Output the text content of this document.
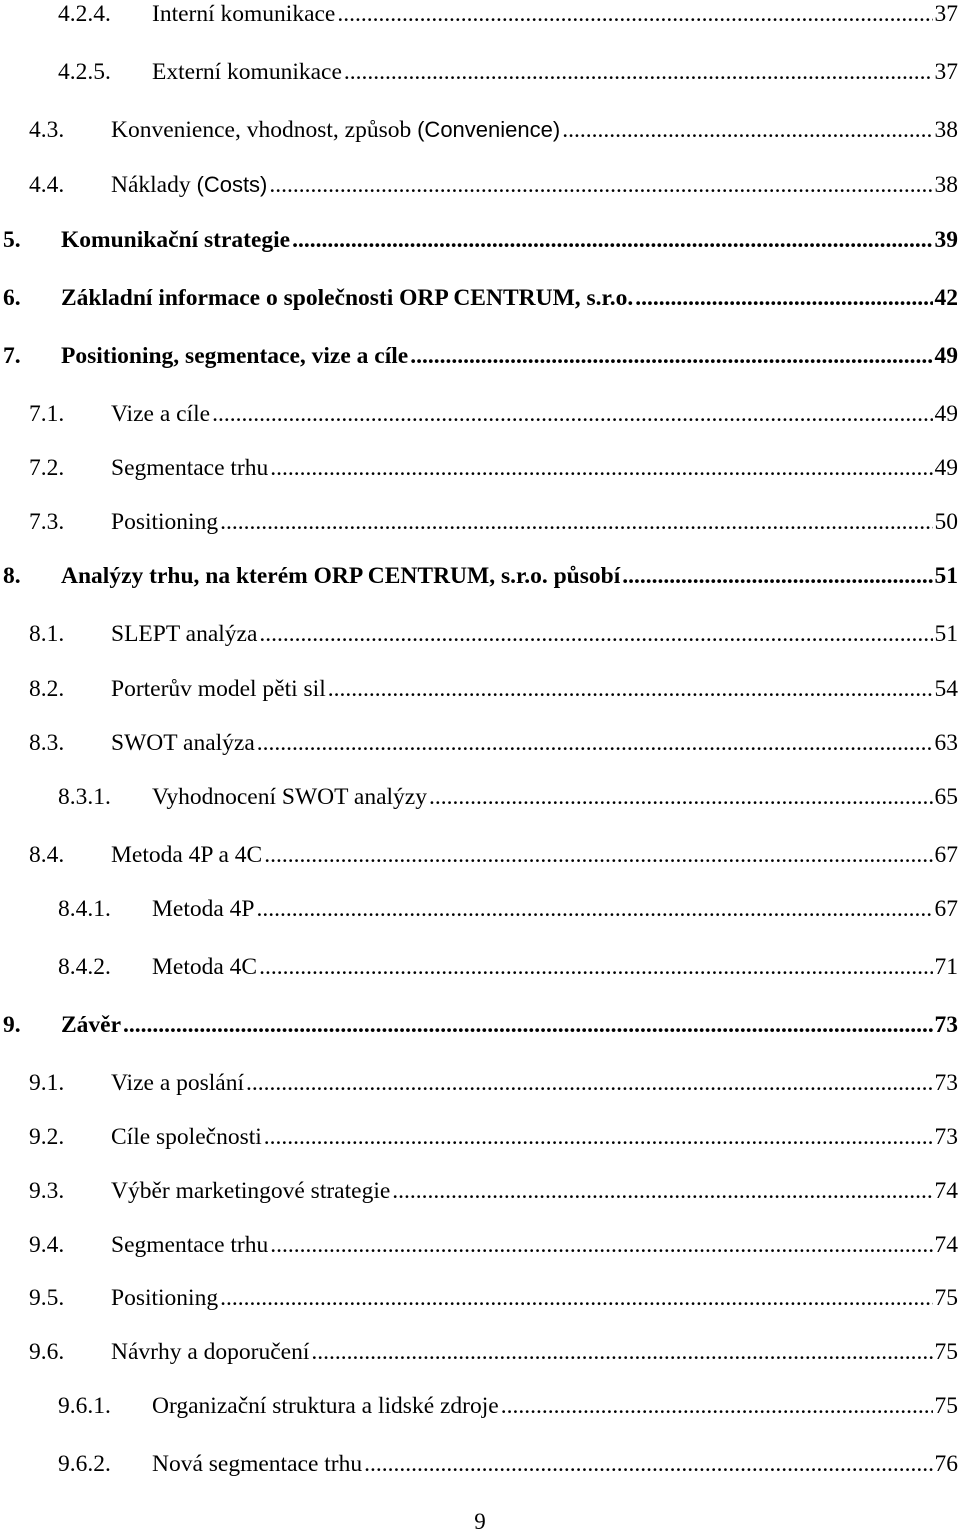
4.2.4.	Interní komunikace .....	37
4.2.5.	Externí komunikace .....	37
4.3.	Konvenience, vhodnost, způsob (Convenience) .....	38
4.4.	Náklady (Costs) .....	38
5.	Komunikační strategie .....	39
6.	Základní informace o společnosti ORP CENTRUM, s.r.o. .....	42
7.	Positioning, segmentace, vize a cíle .....	49
7.1.	Vize a cíle .....	49
7.2.	Segmentace trhu .....	49
7.3.	Positioning .....	50
8.	Analýzy trhu, na kterém ORP CENTRUM, s.r.o. působí .....	51
8.1.	SLEPT analýza .....	51
8.2.	Porterův model pěti sil .....	54
8.3.	SWOT analýza .....	63
8.3.1.	Vyhodnocení SWOT analýzy .....	65
8.4.	Metoda 4P a 4C .....	67
8.4.1.	Metoda 4P .....	67
8.4.2.	Metoda 4C .....	71
9.	Závěr .....	73
9.1.	Vize a poslání .....	73
9.2.	Cíle společnosti .....	73
9.3.	Výběr marketingové strategie .....	74
9.4.	Segmentace trhu .....	74
9.5.	Positioning .....	75
9.6.	Návrhy a doporučení .....	75
9.6.1.	Organizační struktura a lidské zdroje .....	75
9.6.2.	Nová segmentace trhu .....	76
9
